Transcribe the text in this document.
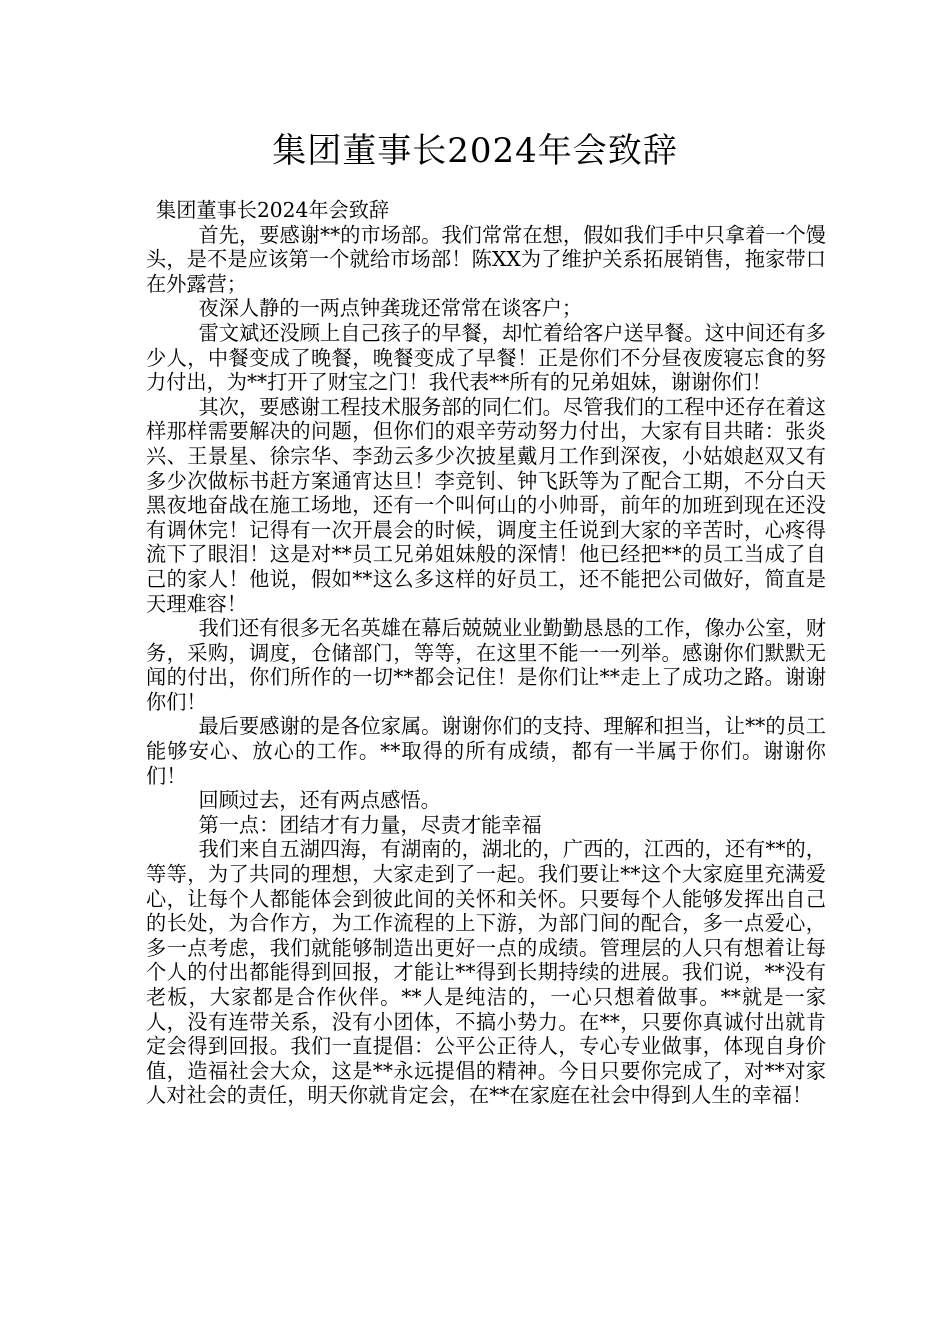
集团董事长2024年会致辞

集团董事长2024年会致辞

首先，要感谢**的市场部。我们常常在想，假如我们手中只拿着一个馒头，是不是应该第一个就给市场部！陈XX为了维护关系拓展销售，拖家带口在外露营；

夜深人静的一两点钟龚珑还常常在谈客户；

雷文斌还没顾上自己孩子的早餐，却忙着给客户送早餐。这中间还有多少人，中餐变成了晚餐，晚餐变成了早餐！正是你们不分昼夜废寝忘食的努力付出，为**打开了财宝之门！我代表**所有的兄弟姐妹，谢谢你们！

其次，要感谢工程技术服务部的同仁们。尽管我们的工程中还存在着这样那样需要解决的问题，但你们的艰辛劳动努力付出，大家有目共睹：张炎兴、王景星、徐宗华、李劲云多少次披星戴月工作到深夜，小姑娘赵双又有多少次做标书赶方案通宵达旦！李竞钊、钟飞跃等为了配合工期，不分白天黑夜地奋战在施工场地，还有一个叫何山的小帅哥，前年的加班到现在还没有调休完！记得有一次开晨会的时候，调度主任说到大家的辛苦时，心疼得流下了眼泪！这是对**员工兄弟姐妹般的深情！他已经把**的员工当成了自己的家人！他说，假如**这么多这样的好员工，还不能把公司做好，简直是天理难容！

我们还有很多无名英雄在幕后兢兢业业勤勤恳恳的工作，像办公室，财务，采购，调度，仓储部门，等等，在这里不能一一列举。感谢你们默默无闻的付出，你们所作的一切**都会记住！是你们让**走上了成功之路。谢谢你们！

最后要感谢的是各位家属。谢谢你们的支持、理解和担当，让**的员工能够安心、放心的工作。**取得的所有成绩，都有一半属于你们。谢谢你们！

回顾过去，还有两点感悟。

第一点：团结才有力量，尽责才能幸福

我们来自五湖四海，有湖南的，湖北的，广西的，江西的，还有**的，等等，为了共同的理想，大家走到了一起。我们要让**这个大家庭里充满爱心，让每个人都能体会到彼此间的关怀和关怀。只要每个人能够发挥出自己的长处，为合作方，为工作流程的上下游，为部门间的配合，多一点爱心，多一点考虑，我们就能够制造出更好一点的成绩。管理层的人只有想着让每个人的付出都能得到回报，才能让**得到长期持续的进展。我们说，**没有老板，大家都是合作伙伴。**人是纯洁的，一心只想着做事。**就是一家人，没有连带关系，没有小团体，不搞小势力。在**，只要你真诚付出就肯定会得到回报。我们一直提倡：公平公正待人，专心专业做事，体现自身价值，造福社会大众，这是**永远提倡的精神。今日只要你完成了，对**对家人对社会的责任，明天你就肯定会，在**在家庭在社会中得到人生的幸福！
